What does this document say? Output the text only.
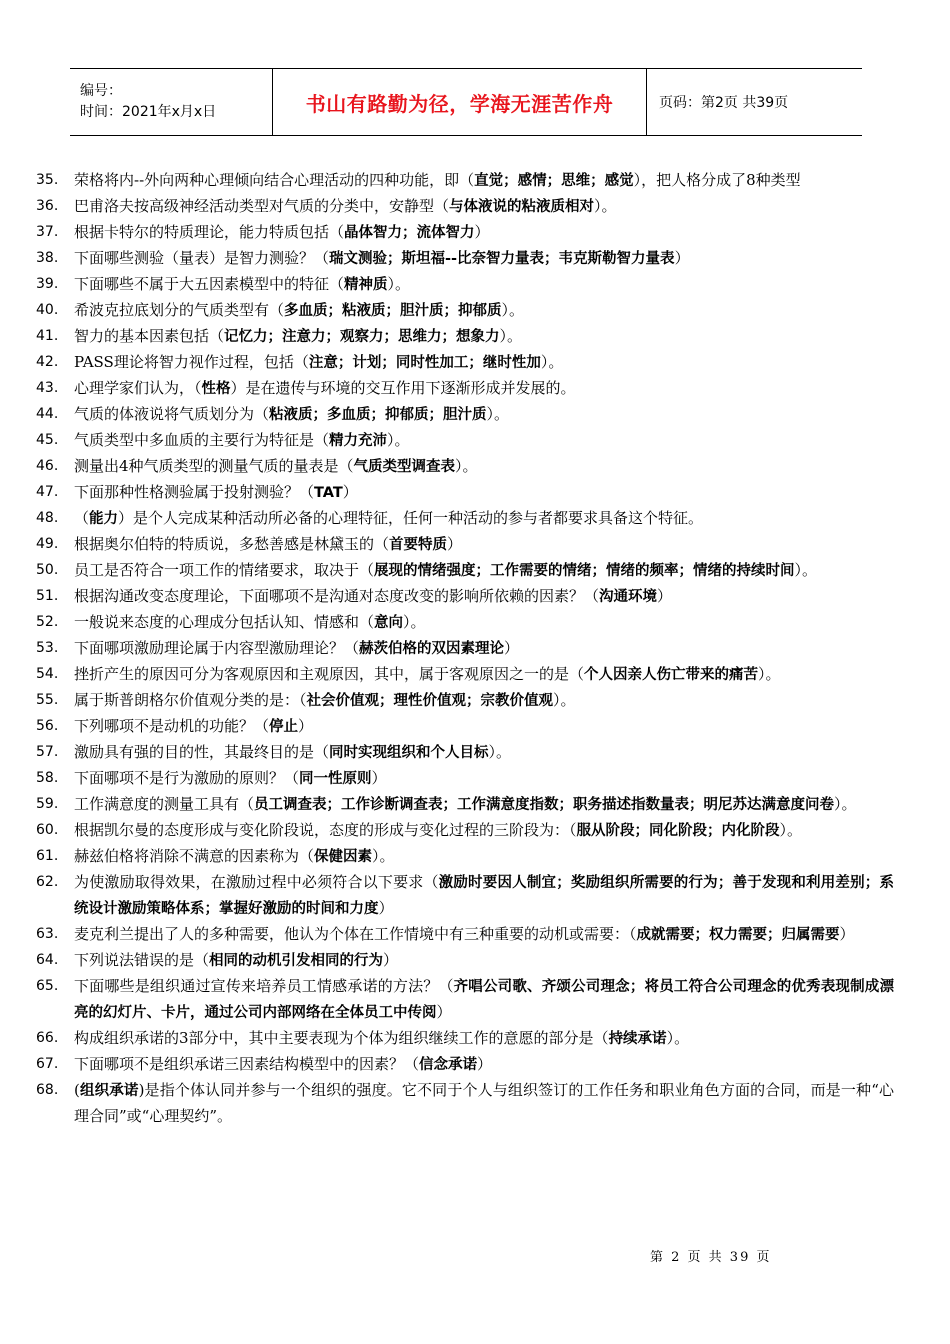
编号：
时间：2021年x月x日	书山有路勤为径，学海无涯苦作舟	页码：第2页 共39页
35.	荣格将内--外向两种心理倾向结合心理活动的四种功能，即（直觉；感情；思维；感觉），把人格分成了8种类型
36.	巴甫洛夫按高级神经活动类型对气质的分类中，安静型（与体液说的粘液质相对）。
37.	根据卡特尔的特质理论，能力特质包括（晶体智力；流体智力）
38.	下面哪些测验（量表）是智力测验？（瑞文测验；斯坦福--比奈智力量表；韦克斯勒智力量表）
39.	下面哪些不属于大五因素模型中的特征（精神质）。
40.	希波克拉底划分的气质类型有（多血质；粘液质；胆汁质；抑郁质）。
41.	智力的基本因素包括（记忆力；注意力；观察力；思维力；想象力）。
42.	PASS理论将智力视作过程，包括（注意；计划；同时性加工；继时性加）。
43.	心理学家们认为，（性格）是在遗传与环境的交互作用下逐渐形成并发展的。
44.	气质的体液说将气质划分为（粘液质；多血质；抑郁质；胆汁质）。
45.	气质类型中多血质的主要行为特征是（精力充沛）。
46.	测量出4种气质类型的测量气质的量表是（气质类型调查表）。
47.	下面那种性格测验属于投射测验？（TAT）
48.	（能力）是个人完成某种活动所必备的心理特征，任何一种活动的参与者都要求具备这个特征。
49.	根据奥尔伯特的特质说，多愁善感是林黛玉的（首要特质）
50.	员工是否符合一项工作的情绪要求，取决于（展现的情绪强度；工作需要的情绪；情绪的频率；情绪的持续时间）。
51.	根据沟通改变态度理论，下面哪项不是沟通对态度改变的影响所依赖的因素？（沟通环境）
52.	一般说来态度的心理成分包括认知、情感和（意向）。
53.	下面哪项激励理论属于内容型激励理论？（赫茨伯格的双因素理论）
54.	挫折产生的原因可分为客观原因和主观原因，其中，属于客观原因之一的是（个人因亲人伤亡带来的痛苦）。
55.	属于斯普朗格尔价值观分类的是：（社会价值观；理性价值观；宗教价值观）。
56.	下列哪项不是动机的功能？（停止）
57.	激励具有强的目的性，其最终目的是（同时实现组织和个人目标）。
58.	下面哪项不是行为激励的原则？（同一性原则）
59.	工作满意度的测量工具有（员工调查表；工作诊断调查表；工作满意度指数；职务描述指数量表；明尼苏达满意度问卷）。
60.	根据凯尔曼的态度形成与变化阶段说，态度的形成与变化过程的三阶段为：（服从阶段；同化阶段；内化阶段）。
61.	赫兹伯格将消除不满意的因素称为（保健因素）。
62.	为使激励取得效果，在激励过程中必须符合以下要求（激励时要因人制宜；奖励组织所需要的行为；善于发现和利用差别；系统设计激励策略体系；掌握好激励的时间和力度）
63.	麦克利兰提出了人的多种需要，他认为个体在工作情境中有三种重要的动机或需要：（成就需要；权力需要；归属需要）
64.	下列说法错误的是（相同的动机引发相同的行为）
65.	下面哪些是组织通过宣传来培养员工情感承诺的方法？（齐唱公司歌、齐颂公司理念；将员工符合公司理念的优秀表现制成漂亮的幻灯片、卡片，通过公司内部网络在全体员工中传阅）
66.	构成组织承诺的3部分中，其中主要表现为个体为组织继续工作的意愿的部分是（持续承诺）。
67.	下面哪项不是组织承诺三因素结构模型中的因素？（信念承诺）
68.	(组织承诺)是指个体认同并参与一个组织的强度。它不同于个人与组织签订的工作任务和职业角色方面的合同，而是一种“心理合同”或“心理契约”。
第 2 页 共 39 页
